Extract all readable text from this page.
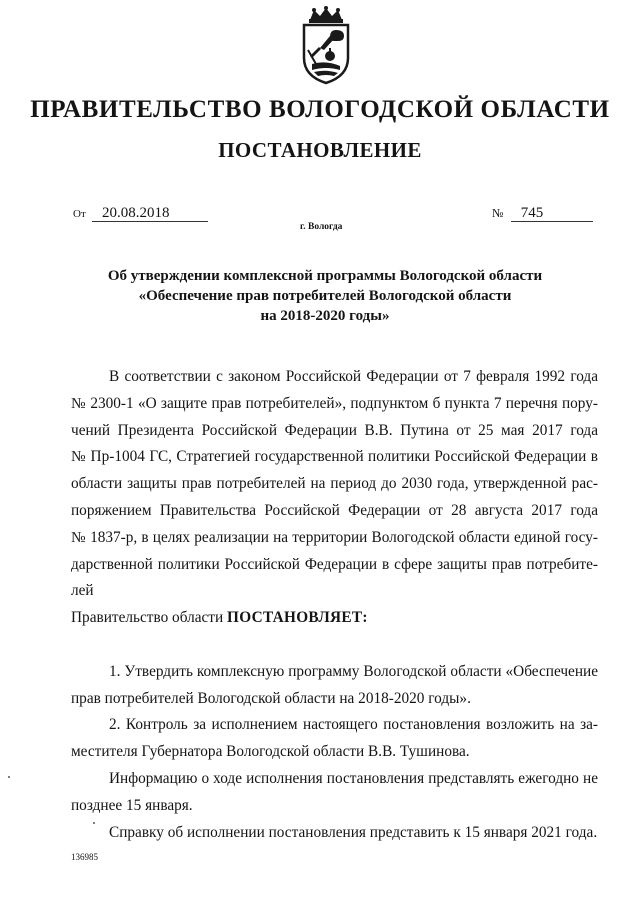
ПРАВИТЕЛЬСТВО ВОЛОГОДСКОЙ ОБЛАСТИ
ПОСТАНОВЛЕНИЕ
От 20.08.2018	№ 745
г. Вологда
Об утверждении комплексной программы Вологодской области
«Обеспечение прав потребителей Вологодской области
на 2018-2020 годы»
В соответствии с законом Российской Федерации от 7 февраля 1992 года
№ 2300-1 «О защите прав потребителей», подпунктом б пункта 7 перечня пору-
чений Президента Российской Федерации В.В. Путина от 25 мая 2017 года
№ Пр-1004 ГС, Стратегией государственной политики Российской Федерации в
области защиты прав потребителей на период до 2030 года, утвержденной рас-
поряжением Правительства Российской Федерации от 28 августа 2017 года
№ 1837-р, в целях реализации на территории Вологодской области единой госу-
дарственной политики Российской Федерации в сфере защиты прав потребите-
лей
Правительство области ПОСТАНОВЛЯЕТ:
1. Утвердить комплексную программу Вологодской области «Обеспечение
прав потребителей Вологодской области на 2018-2020 годы».
2. Контроль за исполнением настоящего постановления возложить на за-
местителя Губернатора Вологодской области В.В. Тушинова.
Информацию о ходе исполнения постановления представлять ежегодно не
позднее 15 января.
Справку об исполнении постановления представить к 15 января 2021 года.
136985
